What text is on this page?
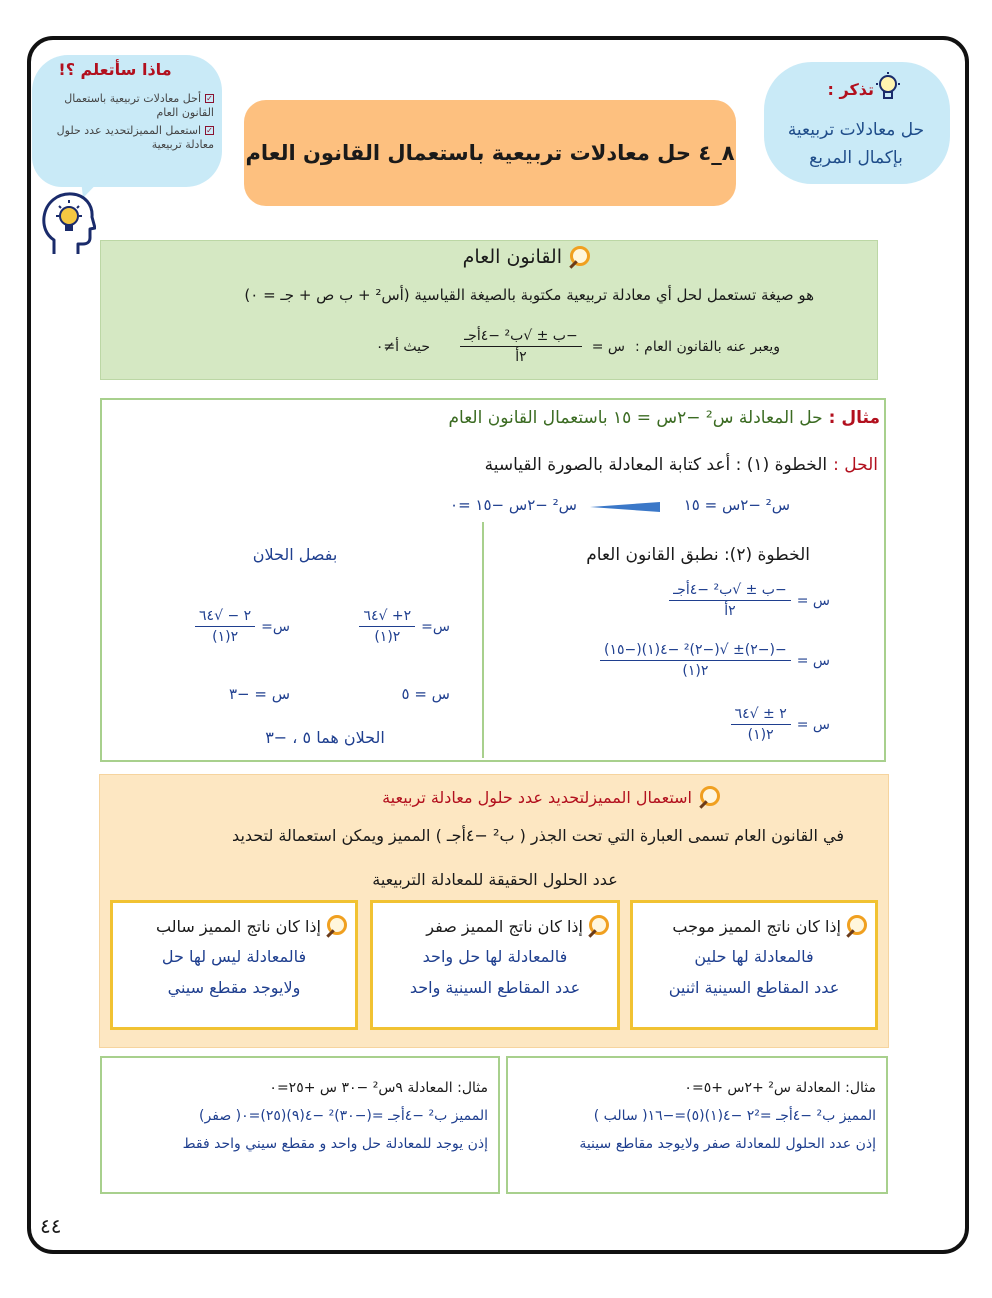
ماذا سأتعلم ؟!
✓أحل معادلات تربيعية باستعمال القانون العام
✓استعمل المميزلتحديد عدد حلول معادلة تربيعية ٨_٤ حل معادلات تربيعية باستعمال القانون العام
تذكر :
حل معادلات تربيعية بإكمال المربع
القانون العام
هو صيغة تستعمل لحل أي معادلة تربيعية مكتوبة بالصيغة القياسية (أس² + ب ص + جـ = ٠)
ويعبر عنه بالقانون العام :
س =
$\frac{\text{−ب ± √ب² −٤أجـ}}{\text{٢أ}}$
حيث أ≠٠
مثال :
حل المعادلة س² −٢س = ١٥ باستعمال القانون العام
الحل :
الخطوة (١) : أعد كتابة المعادلة بالصورة القياسية
س² −٢س = ١٥
س² −٢س −١٥ =٠
الخطوة (٢): نطبق القانون العام
س =
$\frac{\text{−ب ± √ب² −٤أجـ}}{\text{٢أ}}$
س =
$\frac{\text{−(−٢)± √(−٢)² −٤(١)(−١٥)}}{٢(١)}$
س =
$\frac{٢ \pm √٦٤}{٢(١)}$
بفصل الحلان
س=
$\frac{٢+ √٦٤}{٢(١)}$
س=
$\frac{٢ - √٦٤}{٢(١)}$
س = ٥
س = −٣
الحلان هما ٥ ، −٣
استعمال المميزلتحديد عدد حلول معادلة تربيعية
في القانون العام تسمى العبارة التي تحت الجذر ( ب² −٤أجـ ) المميز ويمكن استعمالة لتحديد
عدد الحلول الحقيقة للمعادلة التربيعية
إذا كان ناتج المميز موجب
فالمعادلة لها حلين
عدد المقاطع السينية اثنين
إذا كان ناتج المميز صفر
فالمعادلة لها حل واحد
عدد المقاطع السينية واحد
إذا كان ناتج المميز سالب
فالمعادلة ليس لها حل
ولايوجد مقطع سيني
مثال: المعادلة س² +٢س +٥=٠
المميز ب² −٤أجـ =٢² −٤(١)(٥)=−١٦( سالب )
إذن عدد الحلول للمعادلة صفر ولايوجد مقاطع سينية
مثال: المعادلة ٩س² −٣٠ س +٢٥=٠
المميز ب² −٤أجـ =(−٣٠)² −٤(٩)(٢٥)=٠( صفر)
إذن يوجد للمعادلة حل واحد و مقطع سيني واحد فقط
٤٤
